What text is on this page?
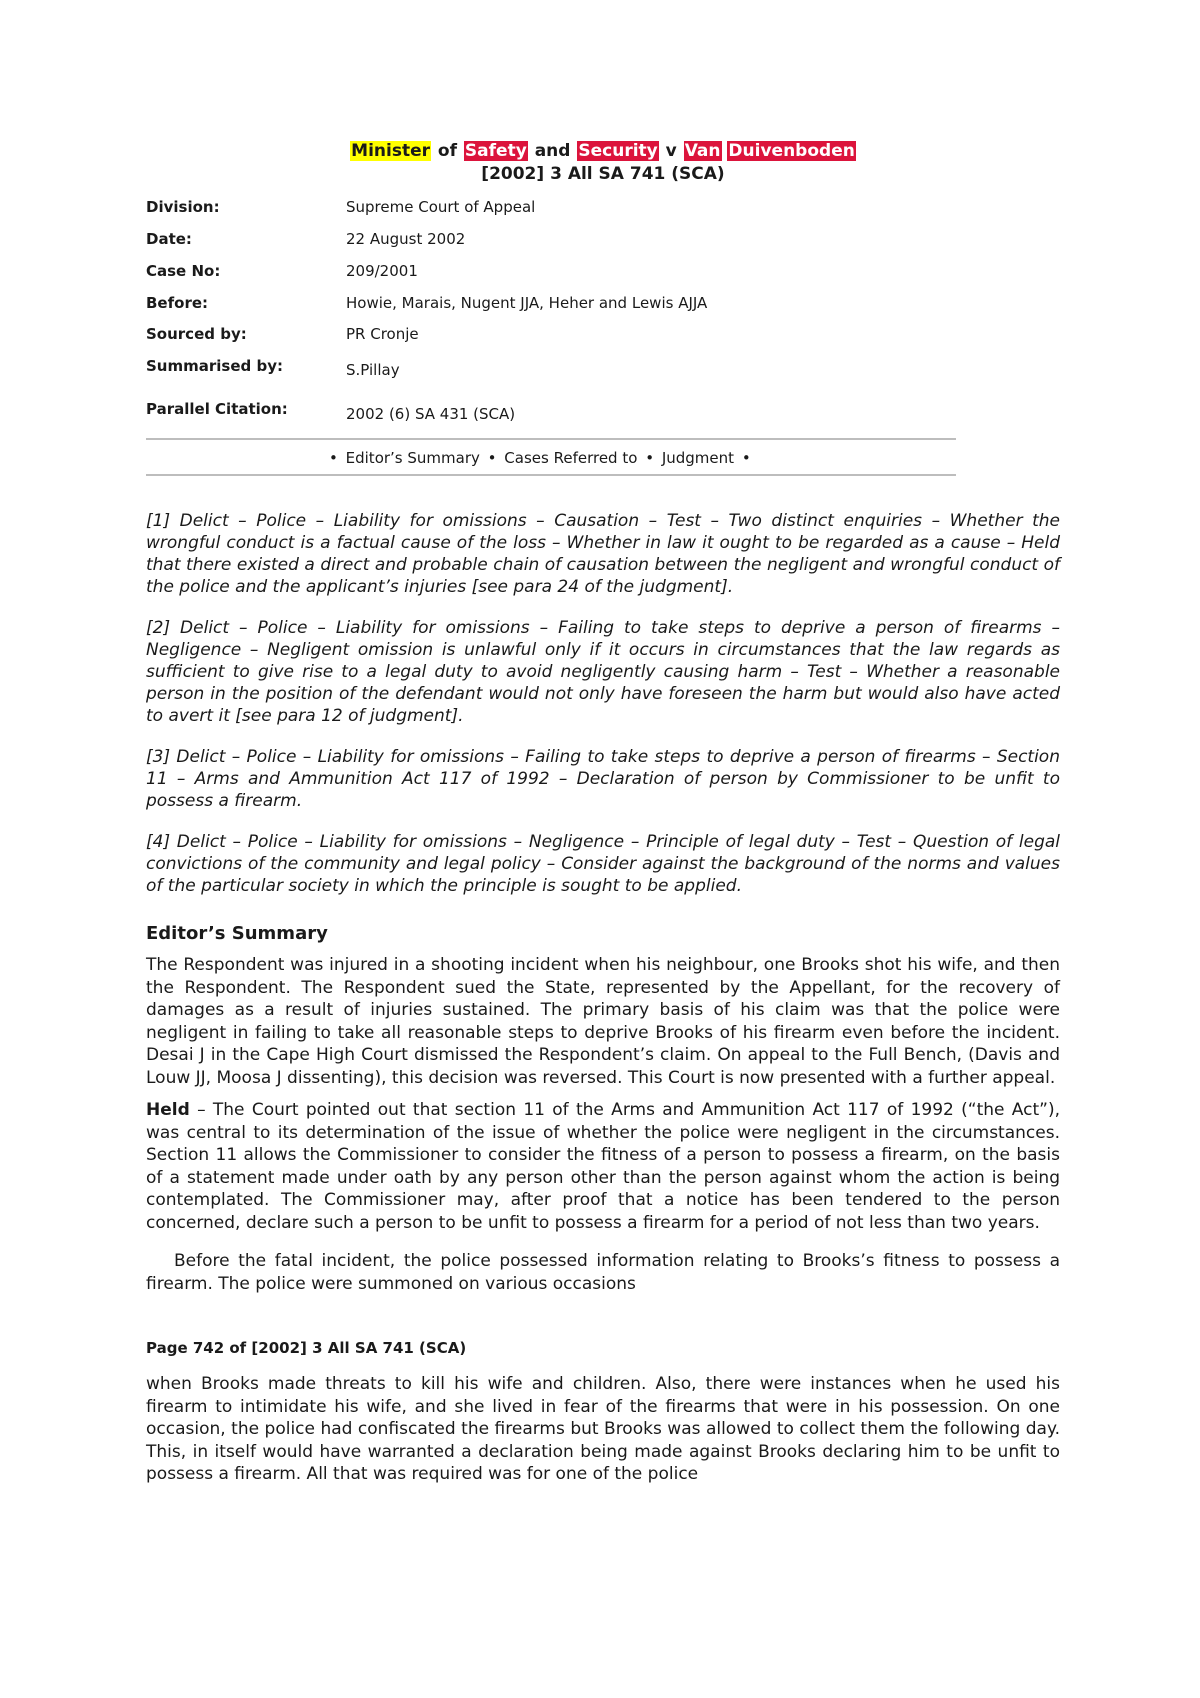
Minister of Safety and Security v Van Duivenboden
[2002] 3 All SA 741 (SCA)
Division:	Supreme Court of Appeal
Date:	22 August 2002
Case No:	209/2001
Before:	Howie, Marais, Nugent JJA, Heher and Lewis AJJA
Sourced by:	PR Cronje
Summarised by:	S.Pillay
Parallel Citation:	2002 (6) SA 431 (SCA)
• Editor’s Summary • Cases Referred to • Judgment •

[1] Delict – Police – Liability for omissions – Causation – Test – Two distinct enquiries – Whether the wrongful conduct is a factual cause of the loss – Whether in law it ought to be regarded as a cause – Held that there existed a direct and probable chain of causation between the negligent and wrongful conduct of the police and the applicant’s injuries [see para 24 of the judgment].

[2] Delict – Police – Liability for omissions – Failing to take steps to deprive a person of firearms – Negligence – Negligent omission is unlawful only if it occurs in circumstances that the law regards as sufficient to give rise to a legal duty to avoid negligently causing harm – Test – Whether a reasonable person in the position of the defendant would not only have foreseen the harm but would also have acted to avert it [see para 12 of judgment].

[3] Delict – Police – Liability for omissions – Failing to take steps to deprive a person of firearms – Section 11 – Arms and Ammunition Act 117 of 1992 – Declaration of person by Commissioner to be unfit to possess a firearm.

[4] Delict – Police – Liability for omissions – Negligence – Principle of legal duty – Test – Question of legal convictions of the community and legal policy – Consider against the background of the norms and values of the particular society in which the principle is sought to be applied.

Editor’s Summary

The Respondent was injured in a shooting incident when his neighbour, one Brooks shot his wife, and then the Respondent. The Respondent sued the State, represented by the Appellant, for the recovery of damages as a result of injuries sustained. The primary basis of his claim was that the police were negligent in failing to take all reasonable steps to deprive Brooks of his firearm even before the incident. Desai J in the Cape High Court dismissed the Respondent’s claim. On appeal to the Full Bench, (Davis and Louw JJ, Moosa J dissenting), this decision was reversed. This Court is now presented with a further appeal.

Held – The Court pointed out that section 11 of the Arms and Ammunition Act 117 of 1992 (“the Act”), was central to its determination of the issue of whether the police were negligent in the circumstances. Section 11 allows the Commissioner to consider the fitness of a person to possess a firearm, on the basis of a statement made under oath by any person other than the person against whom the action is being contemplated. The Commissioner may, after proof that a notice has been tendered to the person concerned, declare such a person to be unfit to possess a firearm for a period of not less than two years.

Before the fatal incident, the police possessed information relating to Brooks’s fitness to possess a firearm. The police were summoned on various occasions

Page 742 of [2002] 3 All SA 741 (SCA)

when Brooks made threats to kill his wife and children. Also, there were instances when he used his firearm to intimidate his wife, and she lived in fear of the firearms that were in his possession. On one occasion, the police had confiscated the firearms but Brooks was allowed to collect them the following day. This, in itself would have warranted a declaration being made against Brooks declaring him to be unfit to possess a firearm. All that was required was for one of the police
